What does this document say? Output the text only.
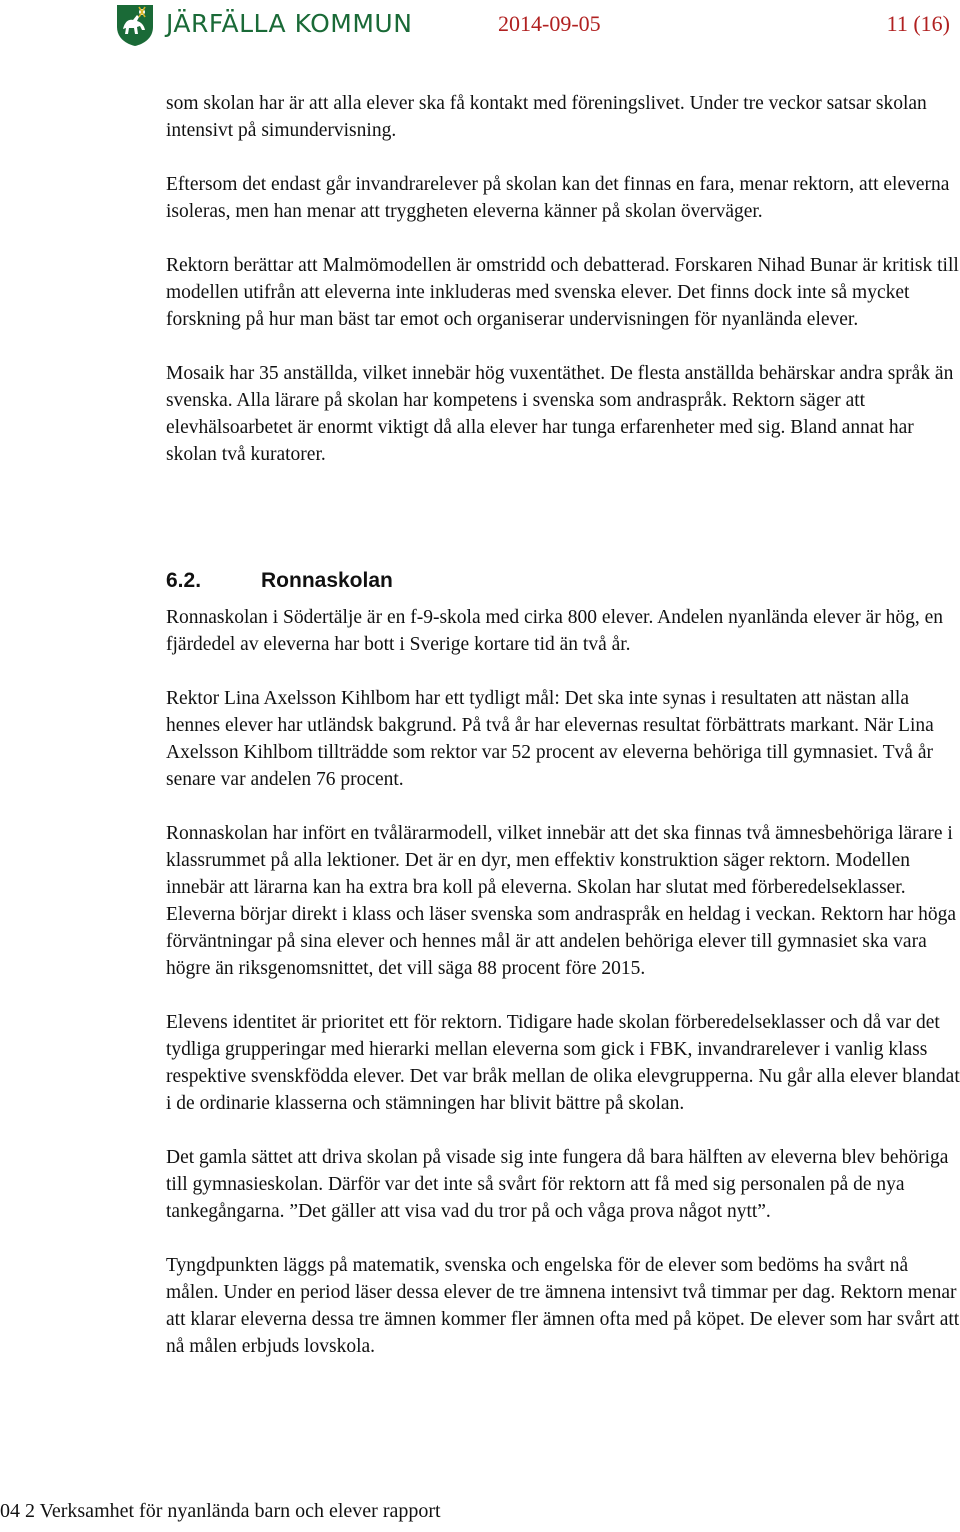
JÄRFÄLLA KOMMUN	2014-09-05	11 (16)

som skolan har är att alla elever ska få kontakt med föreningslivet. Under tre veckor satsar skolan intensivt på simundervisning.

Eftersom det endast går invandrarelever på skolan kan det finnas en fara, menar rektorn, att eleverna isoleras, men han menar att tryggheten eleverna känner på skolan överväger.

Rektorn berättar att Malmömodellen är omstridd och debatterad. Forskaren Nihad Bunar är kritisk till modellen utifrån att eleverna inte inkluderas med svenska elever. Det finns dock inte så mycket forskning på hur man bäst tar emot och organiserar undervisningen för nyanlända elever.

Mosaik har 35 anställda, vilket innebär hög vuxentäthet. De flesta anställda behärskar andra språk än svenska. Alla lärare på skolan har kompetens i svenska som andraspråk. Rektorn säger att elevhälsoarbetet är enormt viktigt då alla elever har tunga erfarenheter med sig. Bland annat har skolan två kuratorer.

6.2.	Ronnaskolan

Ronnaskolan i Södertälje är en f-9-skola med cirka 800 elever. Andelen nyanlända elever är hög, en fjärdedel av eleverna har bott i Sverige kortare tid än två år.

Rektor Lina Axelsson Kihlbom har ett tydligt mål: Det ska inte synas i resultaten att nästan alla hennes elever har utländsk bakgrund. På två år har elevernas resultat förbättrats markant. När Lina Axelsson Kihlbom tillträdde som rektor var 52 procent av eleverna behöriga till gymnasiet. Två år senare var andelen 76 procent.

Ronnaskolan har infört en tvålärarmodell, vilket innebär att det ska finnas två ämnesbehöriga lärare i klassrummet på alla lektioner. Det är en dyr, men effektiv konstruktion säger rektorn. Modellen innebär att lärarna kan ha extra bra koll på eleverna. Skolan har slutat med förberedelseklasser. Eleverna börjar direkt i klass och läser svenska som andraspråk en heldag i veckan. Rektorn har höga förväntningar på sina elever och hennes mål är att andelen behöriga elever till gymnasiet ska vara högre än riksgenomsnittet, det vill säga 88 procent före 2015.

Elevens identitet är prioritet ett för rektorn. Tidigare hade skolan förberedelseklasser och då var det tydliga grupperingar med hierarki mellan eleverna som gick i FBK, invandrarelever i vanlig klass respektive svenskfödda elever. Det var bråk mellan de olika elevgrupperna. Nu går alla elever blandat i de ordinarie klasserna och stämningen har blivit bättre på skolan.

Det gamla sättet att driva skolan på visade sig inte fungera då bara hälften av eleverna blev behöriga till gymnasieskolan. Därför var det inte så svårt för rektorn att få med sig personalen på de nya tankegångarna. ”Det gäller att visa vad du tror på och våga prova något nytt”.

Tyngdpunkten läggs på matematik, svenska och engelska för de elever som bedöms ha svårt nå målen. Under en period läser dessa elever de tre ämnena intensivt två timmar per dag. Rektorn menar att klarar eleverna dessa tre ämnen kommer fler ämnen ofta med på köpet. De elever som har svårt att nå målen erbjuds lovskola.

04 2 Verksamhet för nyanlända barn och elever rapport
